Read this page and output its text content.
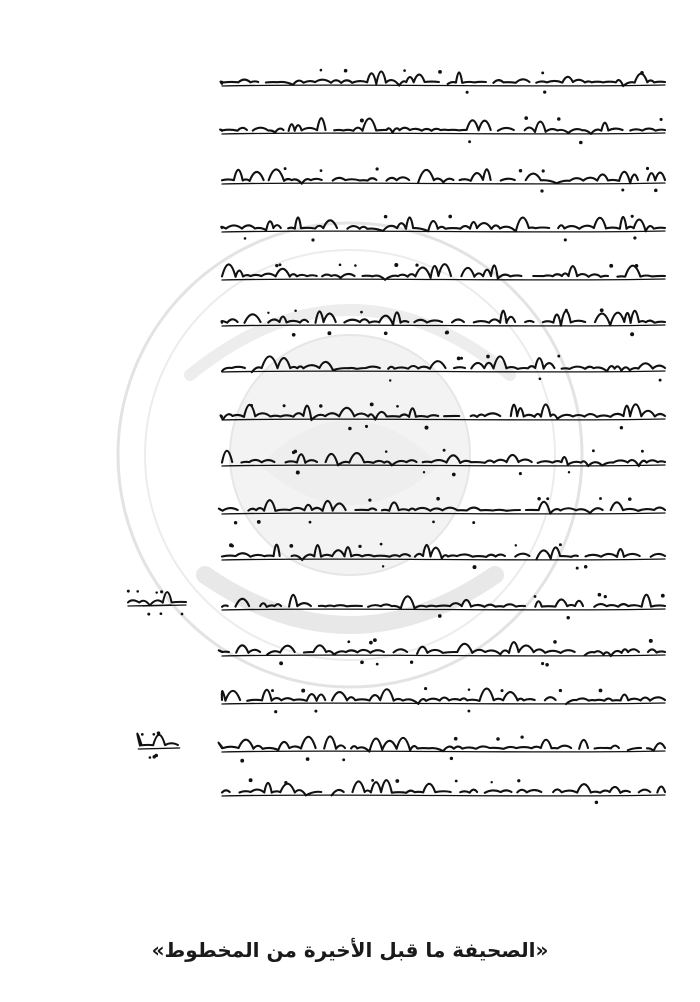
«الصحيفة ما قبل الأخيرة من المخطوط»
